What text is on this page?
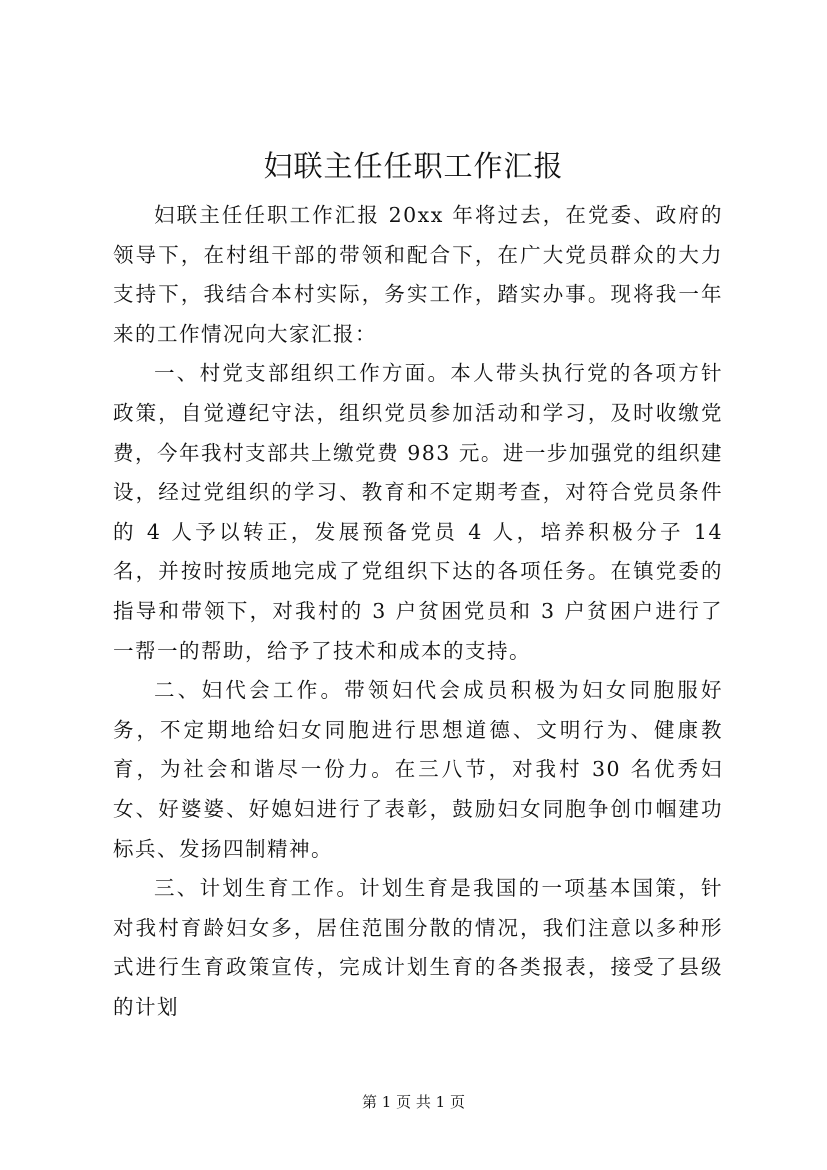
妇联主任任职工作汇报

妇联主任任职工作汇报 20xx 年将过去，在党委、政府的领导下，在村组干部的带领和配合下，在广大党员群众的大力支持下，我结合本村实际，务实工作，踏实办事。现将我一年来的工作情况向大家汇报：

一、村党支部组织工作方面。本人带头执行党的各项方针政策，自觉遵纪守法，组织党员参加活动和学习，及时收缴党费，今年我村支部共上缴党费 983 元。进一步加强党的组织建设，经过党组织的学习、教育和不定期考查，对符合党员条件的 4 人予以转正，发展预备党员 4 人，培养积极分子 14 名，并按时按质地完成了党组织下达的各项任务。在镇党委的指导和带领下，对我村的 3 户贫困党员和 3 户贫困户进行了一帮一的帮助，给予了技术和成本的支持。

二、妇代会工作。带领妇代会成员积极为妇女同胞服好务，不定期地给妇女同胞进行思想道德、文明行为、健康教育，为社会和谐尽一份力。在三八节，对我村 30 名优秀妇女、好婆婆、好媳妇进行了表彰，鼓励妇女同胞争创巾帼建功标兵、发扬四制精神。

三、计划生育工作。计划生育是我国的一项基本国策，针对我村育龄妇女多，居住范围分散的情况，我们注意以多种形式进行生育政策宣传，完成计划生育的各类报表，接受了县级的计划

第 1 页 共 1 页
